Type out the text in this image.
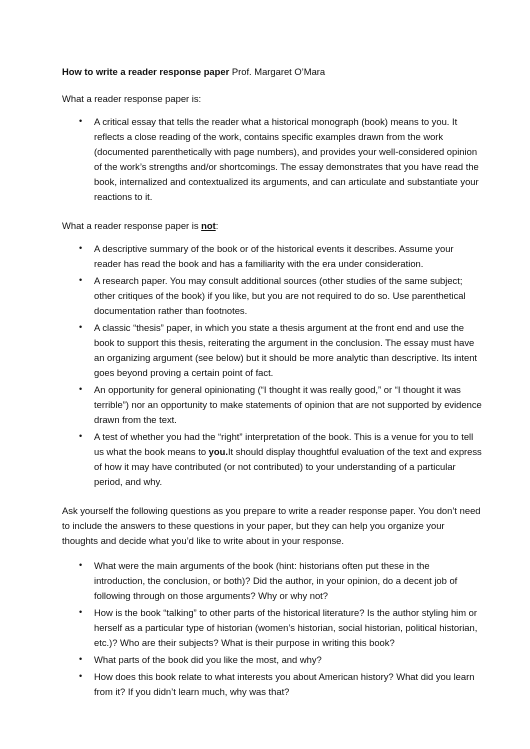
How to write a reader response paper Prof. Margaret O’Mara

What a reader response paper is:

• A critical essay that tells the reader what a historical monograph (book) means to you. It reflects a close reading of the work, contains specific examples drawn from the work (documented parenthetically with page numbers), and provides your well-considered opinion of the work’s strengths and/or shortcomings. The essay demonstrates that you have read the book, internalized and contextualized its arguments, and can articulate and substantiate your reactions to it.

What a reader response paper is not:

• A descriptive summary of the book or of the historical events it describes. Assume your reader has read the book and has a familiarity with the era under consideration.
• A research paper. You may consult additional sources (other studies of the same subject; other critiques of the book) if you like, but you are not required to do so. Use parenthetical documentation rather than footnotes.
• A classic “thesis” paper, in which you state a thesis argument at the front end and use the book to support this thesis, reiterating the argument in the conclusion. The essay must have an organizing argument (see below) but it should be more analytic than descriptive. Its intent goes beyond proving a certain point of fact.
• An opportunity for general opinionating (“I thought it was really good,” or “I thought it was terrible”) nor an opportunity to make statements of opinion that are not supported by evidence drawn from the text.
• A test of whether you had the “right” interpretation of the book. This is a venue for you to tell us what the book means to you.It should display thoughtful evaluation of the text and express of how it may have contributed (or not contributed) to your understanding of a particular period, and why.

Ask yourself the following questions as you prepare to write a reader response paper. You don’t need to include the answers to these questions in your paper, but they can help you organize your thoughts and decide what you’d like to write about in your response.

• What were the main arguments of the book (hint: historians often put these in the introduction, the conclusion, or both)? Did the author, in your opinion, do a decent job of following through on those arguments? Why or why not?
• How is the book “talking” to other parts of the historical literature? Is the author styling him or herself as a particular type of historian (women’s historian, social historian, political historian, etc.)? Who are their subjects? What is their purpose in writing this book?
• What parts of the book did you like the most, and why?
• How does this book relate to what interests you about American history? What did you learn from it? If you didn’t learn much, why was that?
